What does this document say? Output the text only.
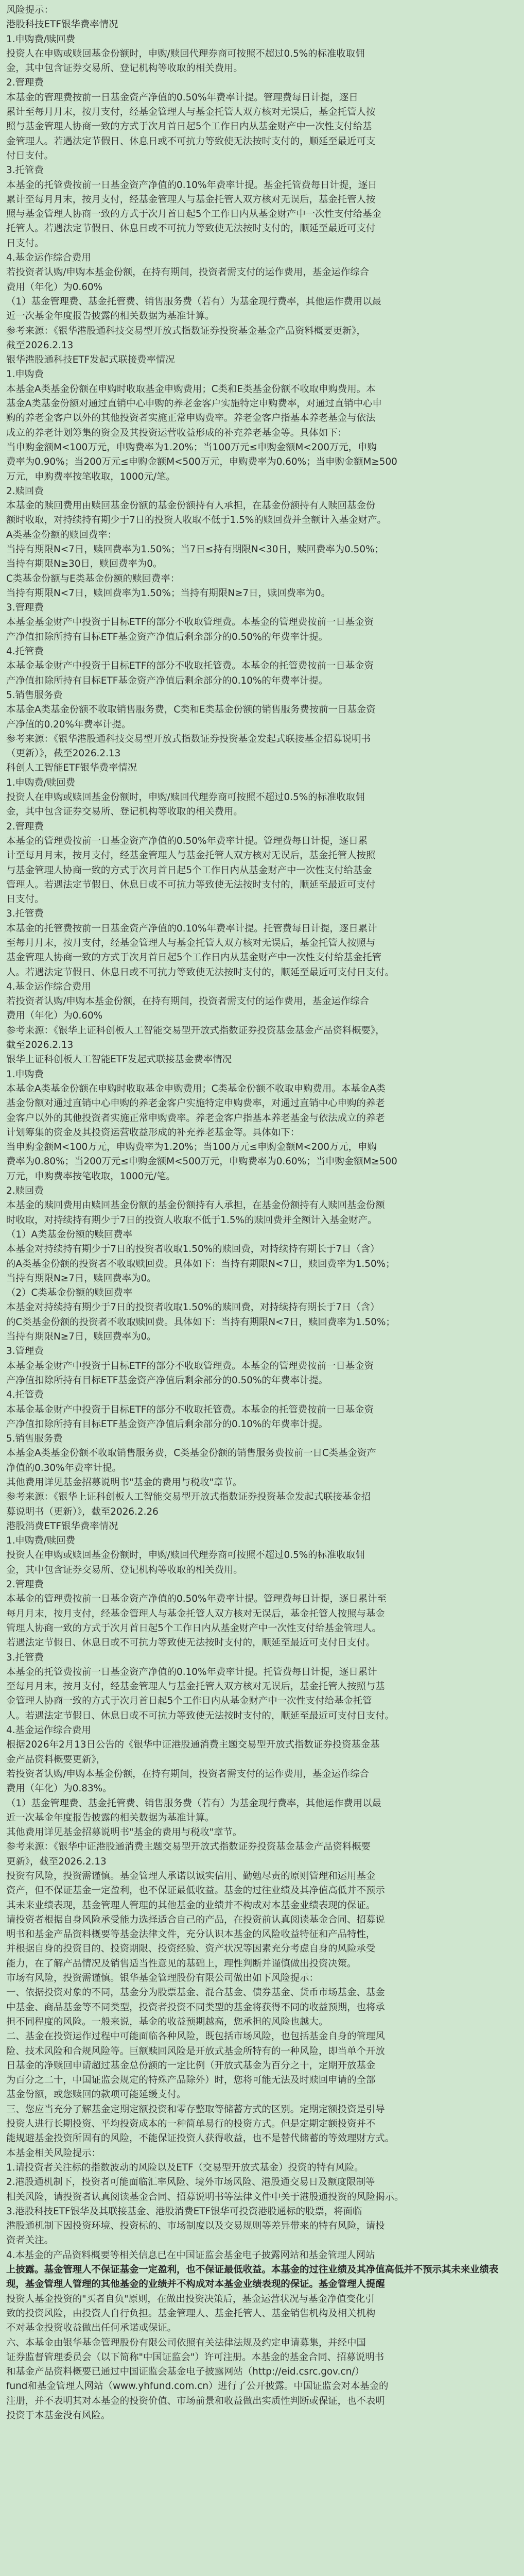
风险提示：
港股科技ETF银华费率情况
1.申购费/赎回费
投资人在申购或赎回基金份额时，申购/赎回代理券商可按照不超过0.5%的标准收取佣
金，其中包含证券交易所、登记机构等收取的相关费用。
2.管理费
本基金的管理费按前一日基金资产净值的0.50%年费率计提。管理费每日计提，逐日
累计至每月月末，按月支付，经基金管理人与基金托管人双方核对无误后，基金托管人按
照与基金管理人协商一致的方式于次月首日起5个工作日内从基金财产中一次性支付给基
金管理人。若遇法定节假日、休息日或不可抗力等致使无法按时支付的，顺延至最近可支
付日支付。
3.托管费
本基金的托管费按前一日基金资产净值的0.10%年费率计提。基金托管费每日计提，逐日
累计至每月月末，按月支付，经基金管理人与基金托管人双方核对无误后，基金托管人按
照与基金管理人协商一致的方式于次月首日起5个工作日内从基金财产中一次性支付给基金
托管人。若遇法定节假日、休息日或不可抗力等致使无法按时支付的，顺延至最近可支付
日支付。
4.基金运作综合费用
若投资者认购/申购本基金份额，在持有期间，投资者需支付的运作费用，基金运作综合
费用（年化）为0.60%
（1）基金管理费、基金托管费、销售服务费（若有）为基金现行费率，其他运作费用以最
近一次基金年度报告披露的相关数据为基准计算。
参考来源：《银华港股通科技交易型开放式指数证券投资基金基金产品资料概要更新》，
截至2026.2.13
银华港股通科技ETF发起式联接费率情况
1.申购费
本基金A类基金份额在申购时收取基金申购费用；C类和E类基金份额不收取申购费用。本
基金A类基金份额对通过直销中心申购的养老金客户实施特定申购费率，对通过直销中心申
购的养老金客户以外的其他投资者实施正常申购费率。养老金客户指基本养老基金与依法
成立的养老计划筹集的资金及其投资运营收益形成的补充养老基金等。具体如下：
当申购金额M<100万元，申购费率为1.20%；当100万元≤申购金额M<200万元，申购
费率为0.90%；当200万元≤申购金额M<500万元，申购费率为0.60%；当申购金额M≥500
万元，申购费率按笔收取，1000元/笔。
2.赎回费
本基金的赎回费用由赎回基金份额的基金份额持有人承担，在基金份额持有人赎回基金份
额时收取，对持续持有期少于7日的投资人收取不低于1.5%的赎回费并全额计入基金财产。
A类基金份额的赎回费率：
当持有期限N<7日，赎回费率为1.50%；当7日≤持有期限N<30日，赎回费率为0.50%；
当持有期限N≥30日，赎回费率为0。
C类基金份额与E类基金份额的赎回费率：
当持有期限N<7日，赎回费率为1.50%；当持有期限N≥7日，赎回费率为0。
3.管理费
本基金基金财产中投资于目标ETF的部分不收取管理费。本基金的管理费按前一日基金资
产净值扣除所持有目标ETF基金资产净值后剩余部分的0.50%的年费率计提。
4.托管费
本基金基金财产中投资于目标ETF的部分不收取托管费。本基金的托管费按前一日基金资
产净值扣除所持有目标ETF基金资产净值后剩余部分的0.10%的年费率计提。
5.销售服务费
本基金A类基金份额不收取销售服务费，C类和E类基金份额的销售服务费按前一日基金资
产净值的0.20%年费率计提。
参考来源：《银华港股通科技交易型开放式指数证券投资基金发起式联接基金招募说明书
（更新）》，截至2026.2.13
科创人工智能ETF银华费率情况
1.申购费/赎回费
投资人在申购或赎回基金份额时，申购/赎回代理券商可按照不超过0.5%的标准收取佣
金，其中包含证券交易所、登记机构等收取的相关费用。
2.管理费
本基金的管理费按前一日基金资产净值的0.50%年费率计提。管理费每日计提，逐日累
计至每月月末，按月支付，经基金管理人与基金托管人双方核对无误后，基金托管人按照
与基金管理人协商一致的方式于次月首日起5个工作日内从基金财产中一次性支付给基金
管理人。若遇法定节假日、休息日或不可抗力等致使无法按时支付的，顺延至最近可支付
日支付。
3.托管费
本基金的托管费按前一日基金资产净值的0.10%年费率计提。托管费每日计提，逐日累计
至每月月末，按月支付，经基金管理人与基金托管人双方核对无误后，基金托管人按照与
基金管理人协商一致的方式于次月首日起5个工作日内从基金财产中一次性支付给基金托管
人。若遇法定节假日、休息日或不可抗力等致使无法按时支付的，顺延至最近可支付日支付。
4.基金运作综合费用
若投资者认购/申购本基金份额，在持有期间，投资者需支付的运作费用，基金运作综合
费用（年化）为0.60%
参考来源：《银华上证科创板人工智能交易型开放式指数证券投资基金基金产品资料概要》，
截至2026.2.13
银华上证科创板人工智能ETF发起式联接基金费率情况
1.申购费
本基金A类基金份额在申购时收取基金申购费用；C类基金份额不收取申购费用。本基金A类
基金份额对通过直销中心申购的养老金客户实施特定申购费率，对通过直销中心申购的养老
金客户以外的其他投资者实施正常申购费率。养老金客户指基本养老基金与依法成立的养老
计划筹集的资金及其投资运营收益形成的补充养老基金等。具体如下：
当申购金额M<100万元，申购费率为1.20%；当100万元≤申购金额M<200万元，申购
费率为0.80%；当200万元≤申购金额M<500万元，申购费率为0.60%；当申购金额M≥500
万元，申购费率按笔收取，1000元/笔。
2.赎回费
本基金的赎回费用由赎回基金份额的基金份额持有人承担，在基金份额持有人赎回基金份额
时收取，对持续持有期少于7日的投资人收取不低于1.5%的赎回费并全额计入基金财产。
（1）A类基金份额的赎回费率
本基金对持续持有期少于7日的投资者收取1.50%的赎回费，对持续持有期长于7日（含）
的A类基金份额的投资者不收取赎回费。具体如下：当持有期限N<7日，赎回费率为1.50%；
当持有期限N≥7日，赎回费率为0。
（2）C类基金份额的赎回费率
本基金对持续持有期少于7日的投资者收取1.50%的赎回费，对持续持有期长于7日（含）
的C类基金份额的投资者不收取赎回费。具体如下：当持有期限N<7日，赎回费率为1.50%；
当持有期限N≥7日，赎回费率为0。
3.管理费
本基金基金财产中投资于目标ETF的部分不收取管理费。本基金的管理费按前一日基金资
产净值扣除所持有目标ETF基金资产净值后剩余部分的0.50%的年费率计提。
4.托管费
本基金基金财产中投资于目标ETF的部分不收取托管费。本基金的托管费按前一日基金资
产净值扣除所持有目标ETF基金资产净值后剩余部分的0.10%的年费率计提。
5.销售服务费
本基金A类基金份额不收取销售服务费，C类基金份额的销售服务费按前一日C类基金资产
净值的0.30%年费率计提。
其他费用详见基金招募说明书"基金的费用与税收"章节。
参考来源：《银华上证科创板人工智能交易型开放式指数证券投资基金发起式联接基金招
募说明书（更新）》，截至2026.2.26
港股消费ETF银华费率情况
1.申购费/赎回费
投资人在申购或赎回基金份额时，申购/赎回代理券商可按照不超过0.5%的标准收取佣
金，其中包含证券交易所、登记机构等收取的相关费用。
2.管理费
本基金的管理费按前一日基金资产净值的0.50%年费率计提。管理费每日计提，逐日累计至
每月月末，按月支付，经基金管理人与基金托管人双方核对无误后，基金托管人按照与基金
管理人协商一致的方式于次月首日起5个工作日内从基金财产中一次性支付给基金管理人。
若遇法定节假日、休息日或不可抗力等致使无法按时支付的，顺延至最近可支付日支付。
3.托管费
本基金的托管费按前一日基金资产净值的0.10%年费率计提。托管费每日计提，逐日累计
至每月月末，按月支付，经基金管理人与基金托管人双方核对无误后，基金托管人按照与基
金管理人协商一致的方式于次月首日起5个工作日内从基金财产中一次性支付给基金托管
人。若遇法定节假日、休息日或不可抗力等致使无法按时支付的，顺延至最近可支付日支付。
4.基金运作综合费用
根据2026年2月13日公告的《银华中证港股通消费主题交易型开放式指数证券投资基金基
金产品资料概要更新》，
若投资者认购/申购本基金份额，在持有期间，投资者需支付的运作费用，基金运作综合
费用（年化）为0.83%。
（1）基金管理费、基金托管费、销售服务费（若有）为基金现行费率，其他运作费用以最
近一次基金年度报告披露的相关数据为基准计算。
其他费用详见基金招募说明书"基金的费用与税收"章节。
参考来源：《银华中证港股通消费主题交易型开放式指数证券投资基金基金产品资料概要
更新》，截至2026.2.13
投资有风险，投资需谨慎。基金管理人承诺以诚实信用、勤勉尽责的原则管理和运用基金
资产，但不保证基金一定盈利，也不保证最低收益。基金的过往业绩及其净值高低并不预示
其未来业绩表现，基金管理人管理的其他基金的业绩并不构成对本基金业绩表现的保证。
请投资者根据自身风险承受能力选择适合自己的产品，在投资前认真阅读基金合同、招募说
明书和基金产品资料概要等基金法律文件，充分认识本基金的风险收益特征和产品特性，
并根据自身的投资目的、投资期限、投资经验、资产状况等因素充分考虑自身的风险承受
能力，在了解产品情况及销售适当性意见的基础上，理性判断并谨慎做出投资决策。
市场有风险，投资需谨慎。银华基金管理股份有限公司做出如下风险提示：
一、依据投资对象的不同，基金分为股票基金、混合基金、债券基金、货币市场基金、基金
中基金、商品基金等不同类型，投资者投资不同类型的基金将获得不同的收益预期，也将承
担不同程度的风险。一般来说，基金的收益预期越高，您承担的风险也越大。
二、基金在投资运作过程中可能面临各种风险，既包括市场风险，也包括基金自身的管理风
险、技术风险和合规风险等。巨额赎回风险是开放式基金所特有的一种风险，即当单个开放
日基金的净赎回申请超过基金总份额的一定比例（开放式基金为百分之十，定期开放基金
为百分之二十，中国证监会规定的特殊产品除外）时，您将可能无法及时赎回申请的全部
基金份额，或您赎回的款项可能延缓支付。
三、您应当充分了解基金定期定额投资和零存整取等储蓄方式的区别。定期定额投资是引导
投资人进行长期投资、平均投资成本的一种简单易行的投资方式。但是定期定额投资并不
能规避基金投资所固有的风险，不能保证投资人获得收益，也不是替代储蓄的等效理财方式。
本基金相关风险提示：
1.请投资者关注标的指数波动的风险以及ETF（交易型开放式基金）投资的特有风险。
2.港股通机制下，投资者可能面临汇率风险、境外市场风险、港股通交易日及额度限制等
相关风险，请投资者认真阅读基金合同、招募说明书等法律文件中关于港股通投资的风险揭示。
3.港股科技ETF银华及其联接基金、港股消费ETF银华可投资港股通标的股票，将面临
港股通机制下因投资环境、投资标的、市场制度以及交易规则等差异带来的特有风险，请投
资者关注。
4.本基金的产品资料概要等相关信息已在中国证监会基金电子披露网站和基金管理人网站
上披露。基金管理人不保证基金一定盈利，也不保证最低收益。本基金的过往业绩及其净值高低并不预示其未来业绩表
现，基金管理人管理的其他基金的业绩并不构成对本基金业绩表现的保证。基金管理人提醒
投资人基金投资的"买者自负"原则，在做出投资决策后，基金运营状况与基金净值变化引
致的投资风险，由投资人自行负担。基金管理人、基金托管人、基金销售机构及相关机构
不对基金投资收益做出任何承诺或保证。
六、本基金由银华基金管理股份有限公司依照有关法律法规及约定申请募集，并经中国
证券监督管理委员会（以下简称"中国证监会"）许可注册。本基金的基金合同、招募说明书
和基金产品资料概要已通过中国证监会基金电子披露网站（http://eid.csrc.gov.cn/）
fund和基金管理人网站（www.yhfund.com.cn）进行了公开披露。中国证监会对本基金的
注册，并不表明其对本基金的投资价值、市场前景和收益做出实质性判断或保证，也不表明
投资于本基金没有风险。
